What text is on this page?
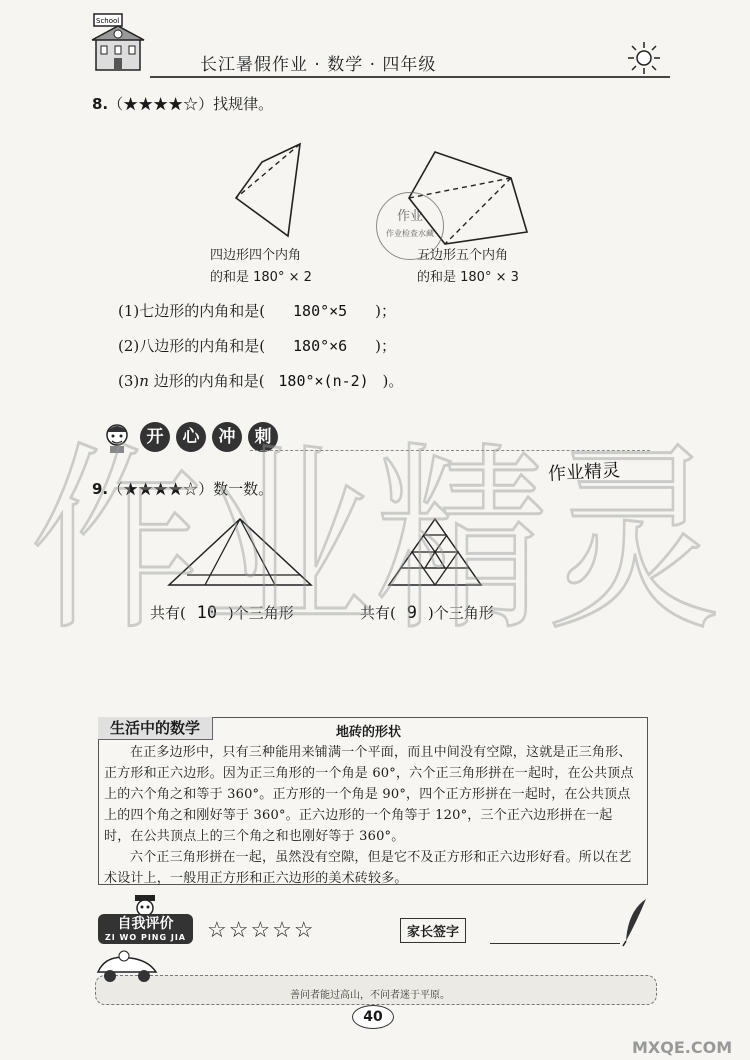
School
长江暑假作业 · 数学 · 四年级
8.（★★★★☆）找规律。
四边形四个内角
的和是 180° × 2
作业
作业检查水藏
五边形五个内角
的和是 180° × 3
(1)七边形的内角和是( 180°×5 )；
(2)八边形的内角和是( 180°×6 )；
(3)n 边形的内角和是( 180°×(n-2) )。
开	心	冲	刺
9.（★★★★☆）数一数。
作业精灵
共有( 10 )个三角形	共有( 9 )个三角形
作业精灵
生活中的数学	地砖的形状

在正多边形中，只有三种能用来铺满一个平面，而且中间没有空隙，这就是正三角形、正方形和正六边形。因为正三角形的一个角是 60°，六个正三角形拼在一起时，在公共顶点上的六个角之和等于 360°。正方形的一个角是 90°，四个正方形拼在一起时，在公共顶点上的四个角之和刚好等于 360°。正六边形的一个角等于 120°，三个正六边形拼在一起时，在公共顶点上的三个角之和也刚好等于 360°。

六个正三角形拼在一起，虽然没有空隙，但是它不及正方形和正六边形好看。所以在艺术设计上，一般用正方形和正六边形的美术砖较多。

自我评价
ZI WO PING JIA ☆☆☆☆☆	家长签字
善问者能过高山，不问者迷于平原。
40
MXQE.COM
